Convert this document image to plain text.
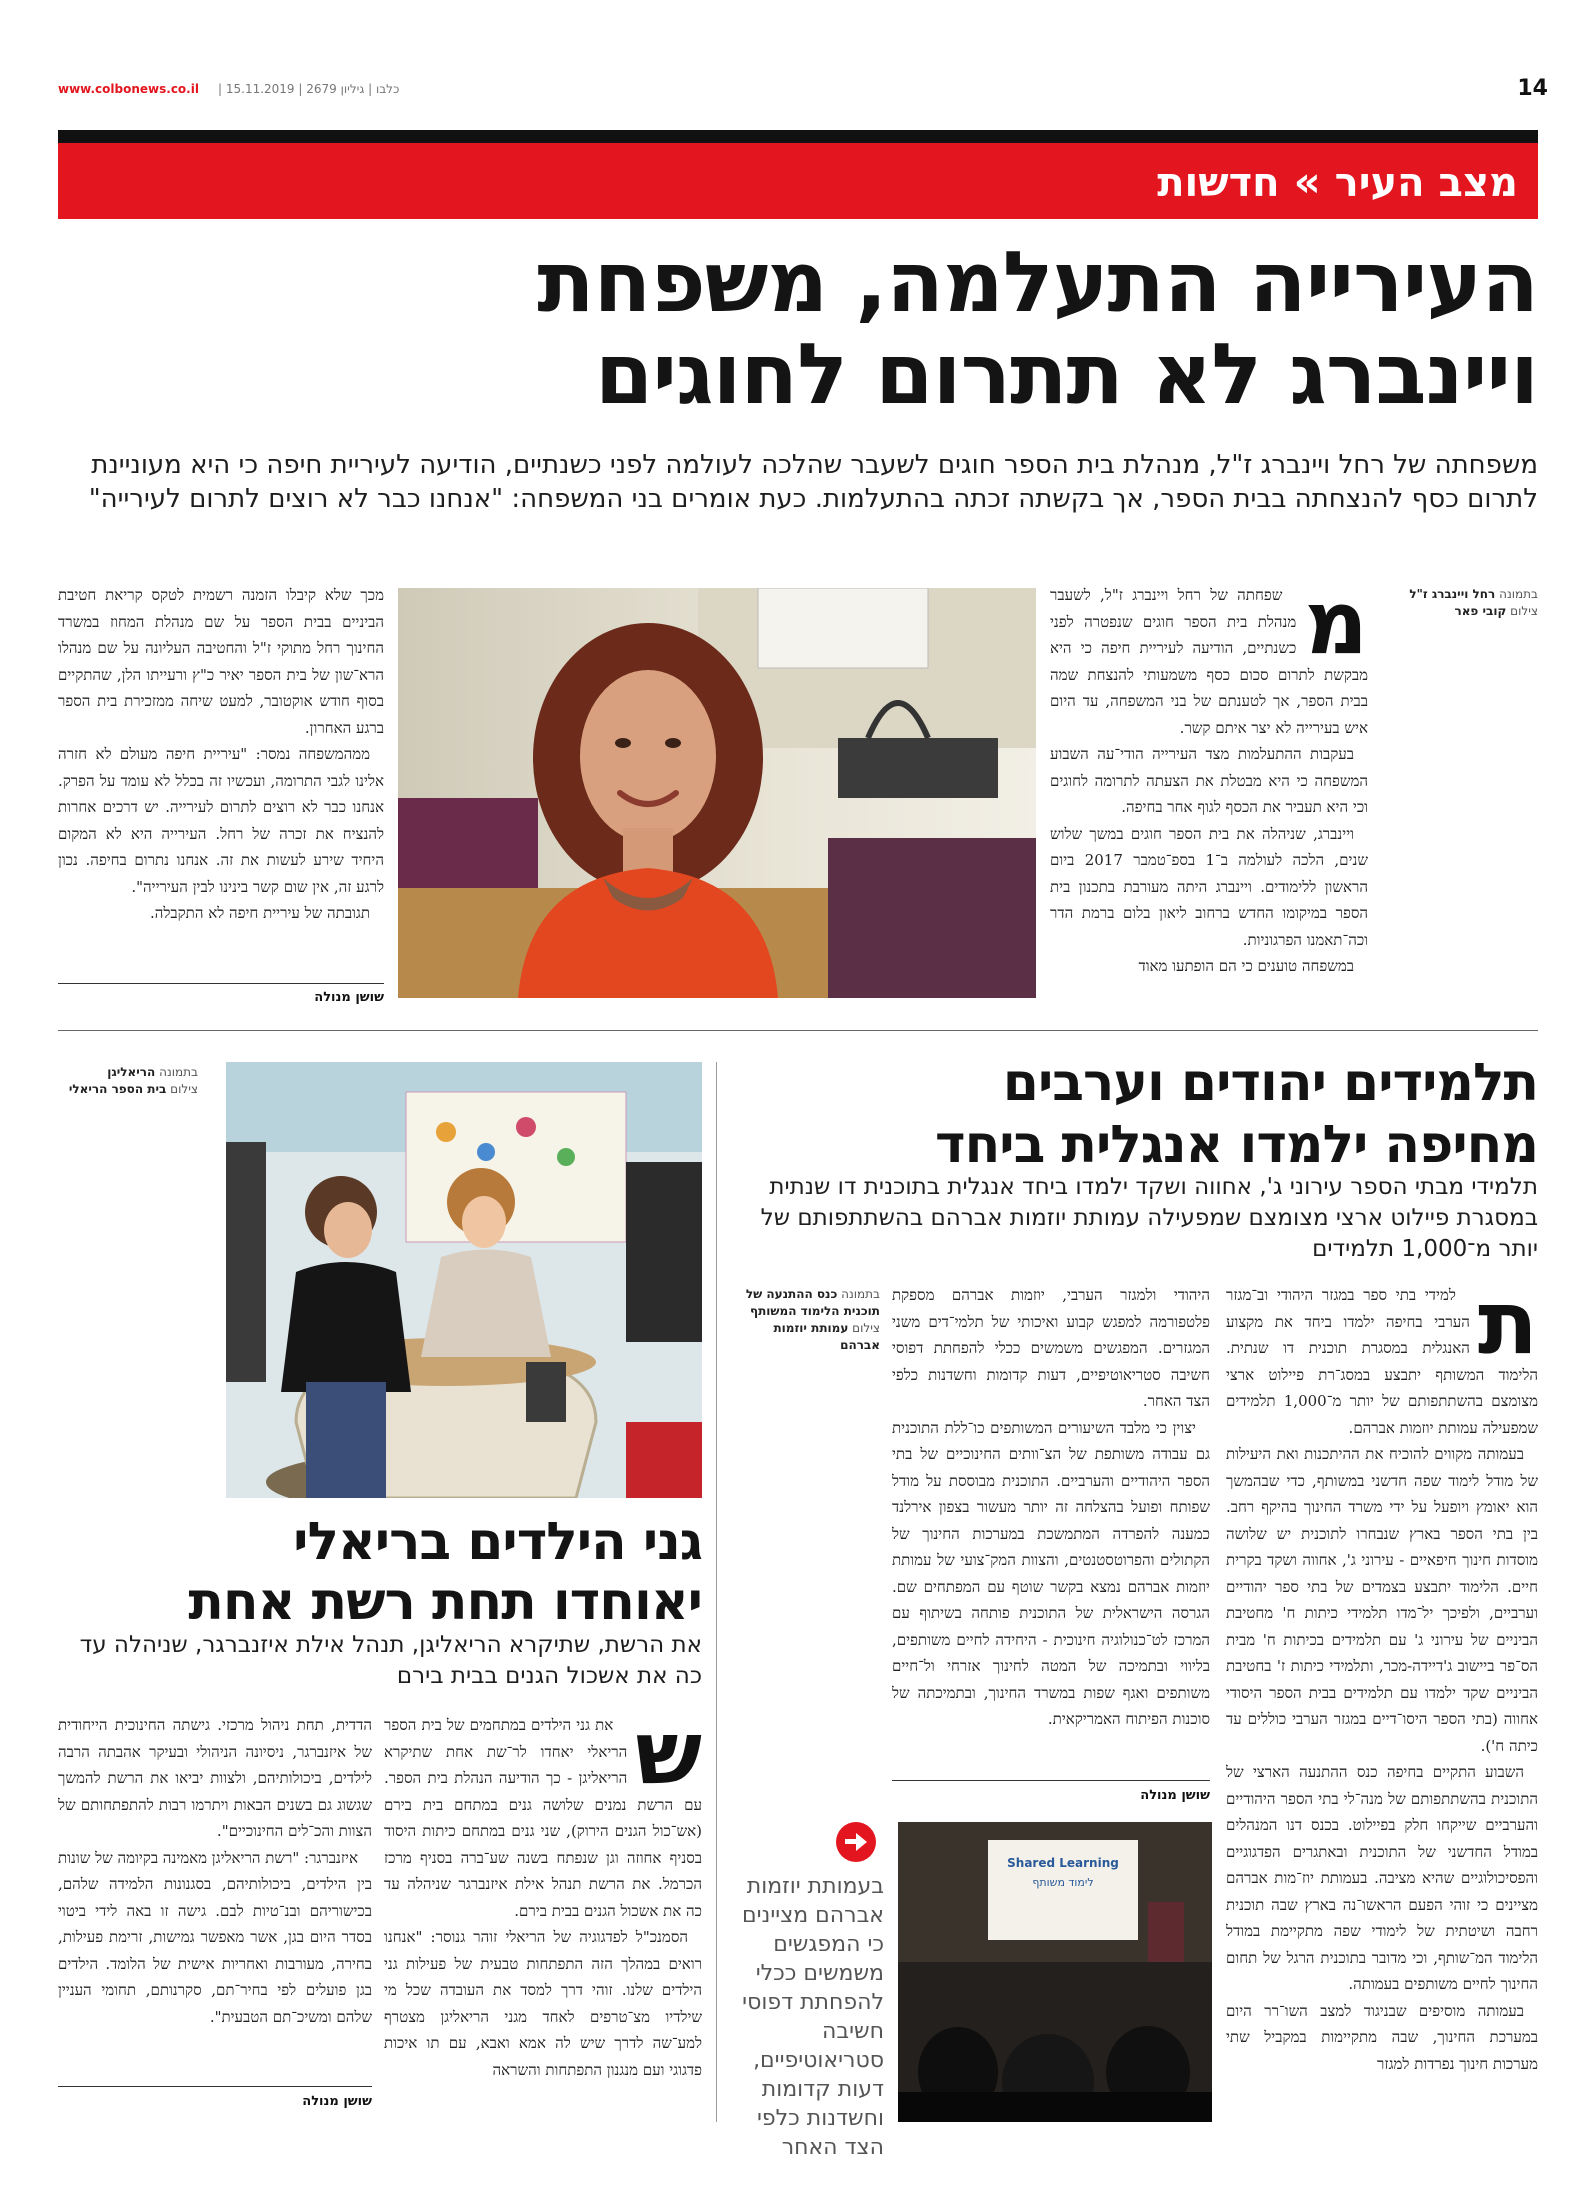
www.colbonews.co.il | כלבו | גיליון 2679 | 15.11.2019	14
מצב העיר » חדשות
העירייה התעלמה, משפחת
ויינברג לא תתרום לחוגים
משפחתה של רחל ויינברג ז"ל, מנהלת בית הספר חוגים לשעבר שהלכה לעולמה לפני כשנתיים, הודיעה לעיריית חיפה כי היא מעוניינת לתרום כסף להנצחתה בבית הספר, אך בקשתה זכתה בהתעלמות. כעת אומרים בני המשפחה: "אנחנו כבר לא רוצים לתרום לעירייה"
בתמונה רחל ויינברג ז"ל
צילום קובי פאר
מ

שפחתה של רחל ויינברג ז"ל, לשעבר מנהלת בית הספר חוגים שנפטרה לפני כשנתיים, הודיעה לעיריית חיפה כי היא מבקשת לתרום סכום כסף משמעותי להנצחת שמה בבית הספר, אך לטענתם של בני המשפחה, עד היום איש בעירייה לא יצר איתם קשר.

בעקבות ההתעלמות מצד העירייה הודי־עה השבוע המשפחה כי היא מבטלת את הצעתה לתרומה לחוגים וכי היא תעביר את הכסף לגוף אחר בחיפה.

ויינברג, שניהלה את בית הספר חוגים במשך שלוש שנים, הלכה לעולמה ב־1 בספ־טמבר 2017 ביום הראשון ללימודים. ויינברג היתה מעורבת בתכנון בית הספר במיקומו החדש ברחוב ליאון בלום ברמת הדר וכה־תאמנו הפרגוניות.

במשפחה טוענים כי הם הופתעו מאוד

מכך שלא קיבלו הזמנה רשמית לטקס קריאת חטיבת הביניים בבית הספר על שם מנהלת המחוז במשרד החינוך רחל מתוקי ז"ל והחטיבה העליונה על שם מנהלו הרא־שון של בית הספר יאיר כ"ץ ורעייתו הלן, שהתקיים בסוף חודש אוקטובר, למעט שיחה ממזכירת בית הספר ברגע האחרון.

ממהמשפחה נמסר: "עיריית חיפה מעולם לא חזרה אלינו לגבי התרומה, ועכשיו זה בכלל לא עומד על הפרק. אנחנו כבר לא רוצים לתרום לעירייה. יש דרכים אחרות להנציח את זכרה של רחל. העירייה היא לא המקום היחיד שירע לעשות את זה. אנחנו נתרום בחיפה. נכון לרגע זה, אין שום קשר בינינו לבין העירייה".

תגובתה של עיריית חיפה לא התקבלה.

שושן מנולה
תלמידים יהודים וערבים
מחיפה ילמדו אנגלית ביחד
תלמידי מבתי הספר עירוני ג', אחווה ושקד ילמדו ביחד אנגלית בתוכנית דו שנתית במסגרת פיילוט ארצי מצומצם שמפעילה עמותת יוזמות אברהם בהשתתפותם של יותר מ־1,000 תלמידים
ת

למידי בתי ספר במגזר היהודי וב־מגזר הערבי בחיפה ילמדו ביחד את מקצוע האנגלית במסגרת תוכנית דו שנתית. הלימוד המשותף יתבצע במסג־רת פיילוט ארצי מצומצם בהשתתפותם של יותר מ־1,000 תלמידים שמפעילה עמותת יוזמות אברהם.

בעמותה מקווים להוכיח את ההיתכנות ואת היעילות של מודל לימוד שפה חדשני במשותף, כדי שבהמשך הוא יאומץ ויופעל על ידי משרד החינוך בהיקף רחב. בין בתי הספר בארץ שנבחרו לתוכנית יש שלושה מוסדות חינוך חיפאיים - עירוני ג', אחווה ושקד בקרית חיים. הלימוד יתבצע בצמדים של בתי ספר יהודיים וערביים, ולפיכך יל־מדו תלמידי כיתות ח' מחטיבת הביניים של עירוני ג' עם תלמידים בכיתות ח' מבית הס־פר ביישוב ג'דיידה-מכר, ותלמידי כיתות ז' בחטיבת הביניים שקד ילמדו עם תלמידים בבית הספר היסודי אחווה (בתי הספר היסו־דיים במגזר הערבי כוללים עד כיתה ח').

השבוע התקיים בחיפה כנס ההתנעה הארצי של התוכנית בהשתתפותם של מנה־לי בתי הספר היהודיים והערביים שייקחו חלק בפיילוט. בכנס דנו המנהלים במודל החדשני של התוכנית ובאתגרים הפדגוגיים והפסיכולוגיים שהיא מציבה. בעמותת יוז־מות אברהם מציינים כי זוהי הפעם הראשו־נה בארץ שבה תוכנית רחבה ושיטתית של לימודי שפה מתקיימת במודל הלימוד המ־שותף, וכי מדובר בתוכנית הרגל של תחום החינוך לחיים משותפים בעמותה.

בעמותה מוסיפים שבניגוד למצב השו־רר היום במערכת החינוך, שבה מתקיימות במקביל שתי מערכות חינוך נפרדות למגזר

היהודי ולמגזר הערבי, יוזמות אברהם מספקת פלטפורמה למפגש קבוע ואיכותי של תלמי־דים משני המגזרים. המפגשים משמשים ככלי להפחתת דפוסי חשיבה סטריאוטיפיים, דעות קדומות וחשדנות כלפי הצד האחר.

יצוין כי מלבד השיעורים המשותפים כו־ללת התוכנית גם עבודה משותפת של הצ־וותים החינוכיים של בתי הספר היהודיים והערביים. התוכנית מבוססת על מודל שפותח ופועל בהצלחה זה יותר מעשור בצפון אירלנד כמענה להפרדה המתמשכת במערכות החינוך של הקתולים והפרוטסטנטים, והצוות המק־צועי של עמותת יוזמות אברהם נמצא בקשר שוטף עם המפתחים שם. הגרסה הישראלית של התוכנית פותחה בשיתוף עם המרכז לט־כנולוגיה חינוכית - היחידה לחיים משותפים, בליווי ובתמיכה של המטה לחינוך אזרחי ול־חיים משותפים ואגף שפות במשרד החינוך, ובתמיכתה של סוכנות הפיתוח האמריקאית.

בתמונה כנס ההתנעה של תוכנית הלימוד המשותף
צילום עמותת יוזמות אברהם
שושן מנולה
Shared Learning
לימוד משותף
בעמותת יוזמות אברהם מציינים כי המפגשים משמשים ככלי להפחתת דפוסי חשיבה סטריאוטיפיים, דעות קדומות וחשדנות כלפי הצד האחר
בתמונה הריאליגן
צילום בית הספר הריאלי
גני הילדים בריאלי
יאוחדו תחת רשת אחת
את הרשת, שתיקרא הריאליגן, תנהל אילת איזנברגר, שניהלה עד כה את אשכול הגנים בבית בירם
ש

את גני הילדים במתחמים של בית הספר הריאלי יאחדו לר־שת אחת שתיקרא הריאליגן - כך הודיעה הנהלת בית הספר. עם הרשת נמנים שלושה גנים במתחם בית בירם (אש־כול הגנים הירוק), שני גנים במתחם כיתות היסוד בסניף אחוזה וגן שנפתח בשנה שע־ברה בסניף מרכז הכרמל. את הרשת תנהל אילת איזנברגר שניהלה עד כה את אשכול הגנים בבית בירם.

הסמנכ"ל לפדגוגיה של הריאלי זוהר גנוסר: "אנחנו רואים במהלך הזה התפתחות טבעית של פעילות גני הילדים שלנו. זוהי דרך למסד את העובדה שכל מי שילדיו מצ־טרפים לאחד מגני הריאליגן מצטרף למע־שה לדרך שיש לה אמא ואבא, עם תו איכות פדגוגי ועם מנגנון התפתחות והשראה

הדדית, תחת ניהול מרכזי. גישתה החינוכית הייחודית של איזנברגר, ניסיונה הניהולי ובעיקר אהבתה הרבה לילדים, ביכולותיהם, ולצוות יביאו את הרשת להמשך שגשוג גם בשנים הבאות ויתרמו רבות להתפתחותם של הצוות והכ־לים החינוכיים".

איזנברגר: "רשת הריאליגן מאמינה בקיומה של שונות בין הילדים, ביכולותיהם, בסגנונות הלמידה שלהם, בכישוריהם ובנ־טיות לבם. גישה זו באה לידי ביטוי בסדר היום בגן, אשר מאפשר גמישות, זרימת פעילות, בחירה, מעורבות ואחריות אישית של הלומד. הילדים בגן פועלים לפי בחיר־תם, סקרנותם, תחומי העניין שלהם ומשיכ־תם הטבעית".

שושן מנולה
